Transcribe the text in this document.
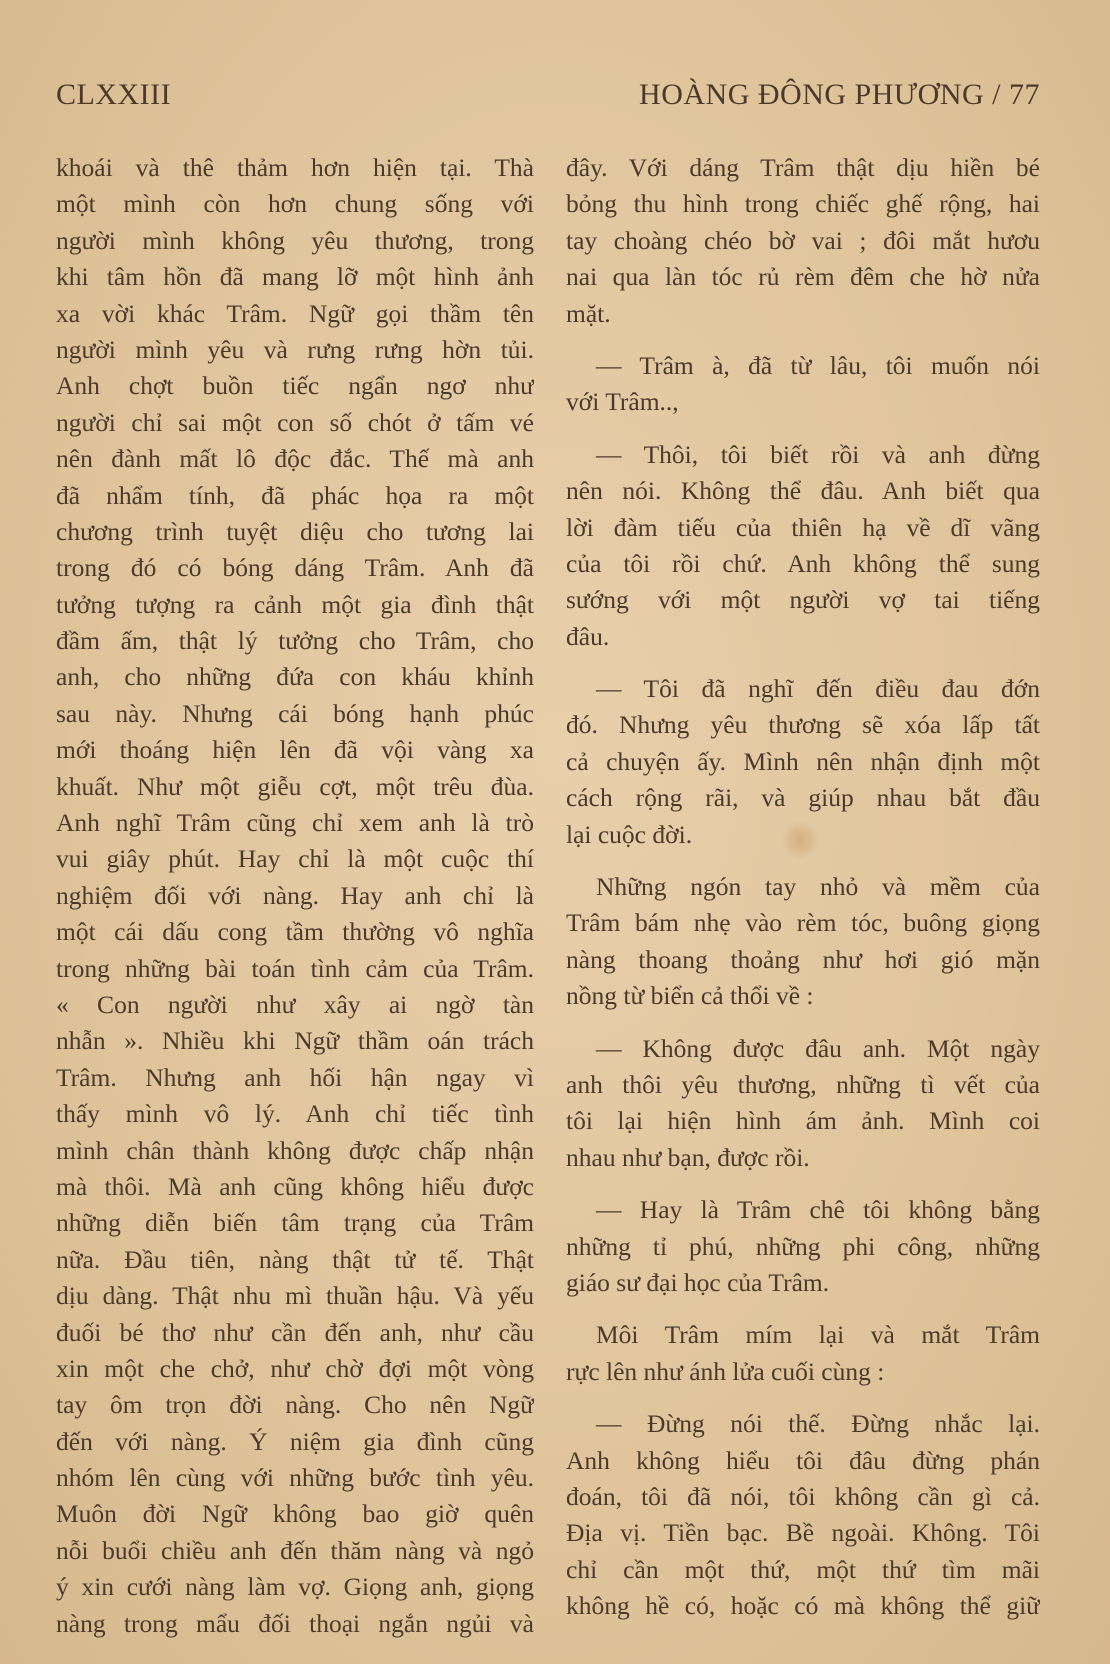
CLXXIII	HOÀNG ĐÔNG PHƯƠNG / 77
khoái và thê thảm hơn hiện tại. Thà
một mình còn hơn chung sống với
người mình không yêu thương, trong
khi tâm hồn đã mang lỡ một hình ảnh
xa vời khác Trâm. Ngữ gọi thầm tên
người mình yêu và rưng rưng hờn tủi.
Anh chợt buồn tiếc ngẩn ngơ như
người chỉ sai một con số chót ở tấm vé
nên đành mất lô độc đắc. Thế mà anh
đã nhẩm tính, đã phác họa ra một
chương trình tuyệt diệu cho tương lai
trong đó có bóng dáng Trâm. Anh đã
tưởng tượng ra cảnh một gia đình thật
đầm ấm, thật lý tưởng cho Trâm, cho
anh, cho những đứa con kháu khỉnh
sau này. Nhưng cái bóng hạnh phúc
mới thoáng hiện lên đã vội vàng xa
khuất. Như một giễu cợt, một trêu đùa.
Anh nghĩ Trâm cũng chỉ xem anh là trò
vui giây phút. Hay chỉ là một cuộc thí
nghiệm đối với nàng. Hay anh chỉ là
một cái dấu cong tầm thường vô nghĩa
trong những bài toán tình cảm của Trâm.
« Con người như xây ai ngờ tàn
nhẫn ». Nhiều khi Ngữ thầm oán trách
Trâm. Nhưng anh hối hận ngay vì
thấy mình vô lý. Anh chỉ tiếc tình
mình chân thành không được chấp nhận
mà thôi. Mà anh cũng không hiểu được
những diễn biến tâm trạng của Trâm
nữa. Đầu tiên, nàng thật tử tế. Thật
dịu dàng. Thật nhu mì thuần hậu. Và yếu
đuối bé thơ như cần đến anh, như cầu
xin một che chở, như chờ đợi một vòng
tay ôm trọn đời nàng. Cho nên Ngữ
đến với nàng. Ý niệm gia đình cũng
nhóm lên cùng với những bước tình yêu.
Muôn đời Ngữ không bao giờ quên
nỗi buổi chiều anh đến thăm nàng và ngỏ
ý xin cưới nàng làm vợ. Giọng anh, giọng
nàng trong mẩu đối thoại ngắn ngủi và
đây. Với dáng Trâm thật dịu hiền bé
bỏng thu hình trong chiếc ghế rộng, hai
tay choàng chéo bờ vai ; đôi mắt hươu
nai qua làn tóc rủ rèm đêm che hờ nửa
mặt.
— Trâm à, đã từ lâu, tôi muốn nói
với Trâm..,
— Thôi, tôi biết rồi và anh đừng
nên nói. Không thể đâu. Anh biết qua
lời đàm tiếu của thiên hạ về dĩ vãng
của tôi rồi chứ. Anh không thể sung
sướng với một người vợ tai tiếng
đâu.
— Tôi đã nghĩ đến điều đau đớn
đó. Nhưng yêu thương sẽ xóa lấp tất
cả chuyện ấy. Mình nên nhận định một
cách rộng rãi, và giúp nhau bắt đầu
lại cuộc đời.
Những ngón tay nhỏ và mềm của
Trâm bám nhẹ vào rèm tóc, buông giọng
nàng thoang thoảng như hơi gió mặn
nồng từ biển cả thổi về :
— Không được đâu anh. Một ngày
anh thôi yêu thương, những tì vết của
tôi lại hiện hình ám ảnh. Mình coi
nhau như bạn, được rồi.
— Hay là Trâm chê tôi không bằng
những tỉ phú, những phi công, những
giáo sư đại học của Trâm.
Môi Trâm mím lại và mắt Trâm
rực lên như ánh lửa cuối cùng :
— Đừng nói thế. Đừng nhắc lại.
Anh không hiểu tôi đâu đừng phán
đoán, tôi đã nói, tôi không cần gì cả.
Địa vị. Tiền bạc. Bề ngoài. Không. Tôi
chỉ cần một thứ, một thứ tìm mãi
không hề có, hoặc có mà không thể giữ
